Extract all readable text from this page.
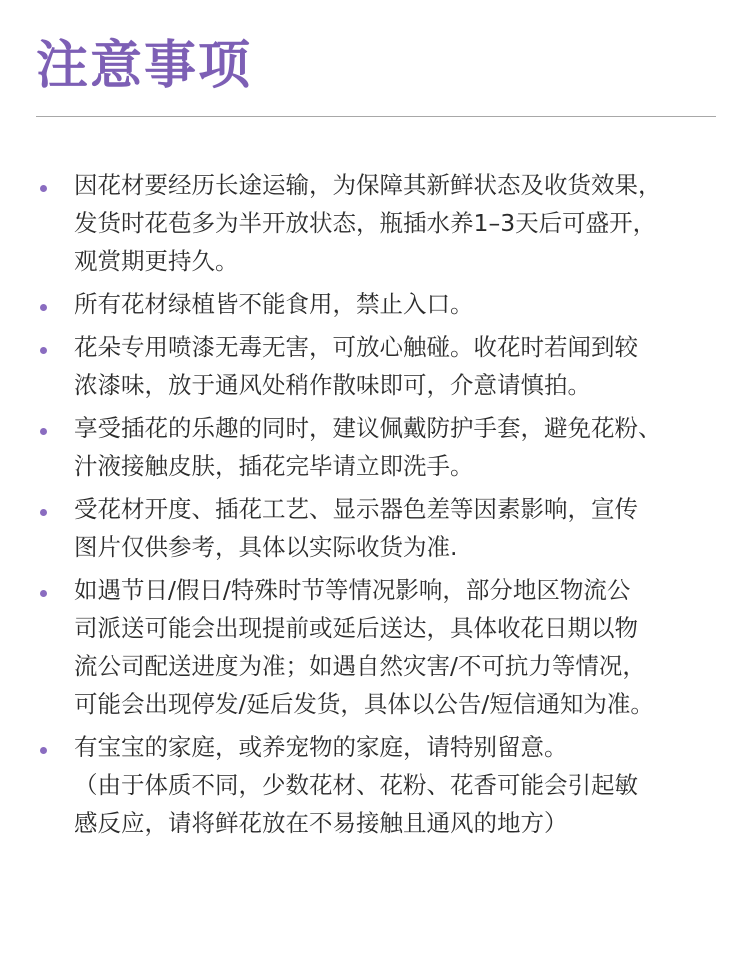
注意事项
因花材要经历长途运输，为保障其新鲜状态及收货效果，
发货时花苞多为半开放状态，瓶插水养1–3天后可盛开，
观赏期更持久。
所有花材绿植皆不能食用，禁止入口。
花朵专用喷漆无毒无害，可放心触碰。收花时若闻到较
浓漆味，放于通风处稍作散味即可，介意请慎拍。
享受插花的乐趣的同时，建议佩戴防护手套，避免花粉、
汁液接触皮肤，插花完毕请立即洗手。
受花材开度、插花工艺、显示器色差等因素影响，宣传
图片仅供参考，具体以实际收货为准.
如遇节日/假日/特殊时节等情况影响，部分地区物流公
司派送可能会出现提前或延后送达，具体收花日期以物
流公司配送进度为准；如遇自然灾害/不可抗力等情况，
可能会出现停发/延后发货，具体以公告/短信通知为准。
有宝宝的家庭，或养宠物的家庭，请特别留意。
（由于体质不同，少数花材、花粉、花香可能会引起敏
感反应，请将鲜花放在不易接触且通风的地方）
